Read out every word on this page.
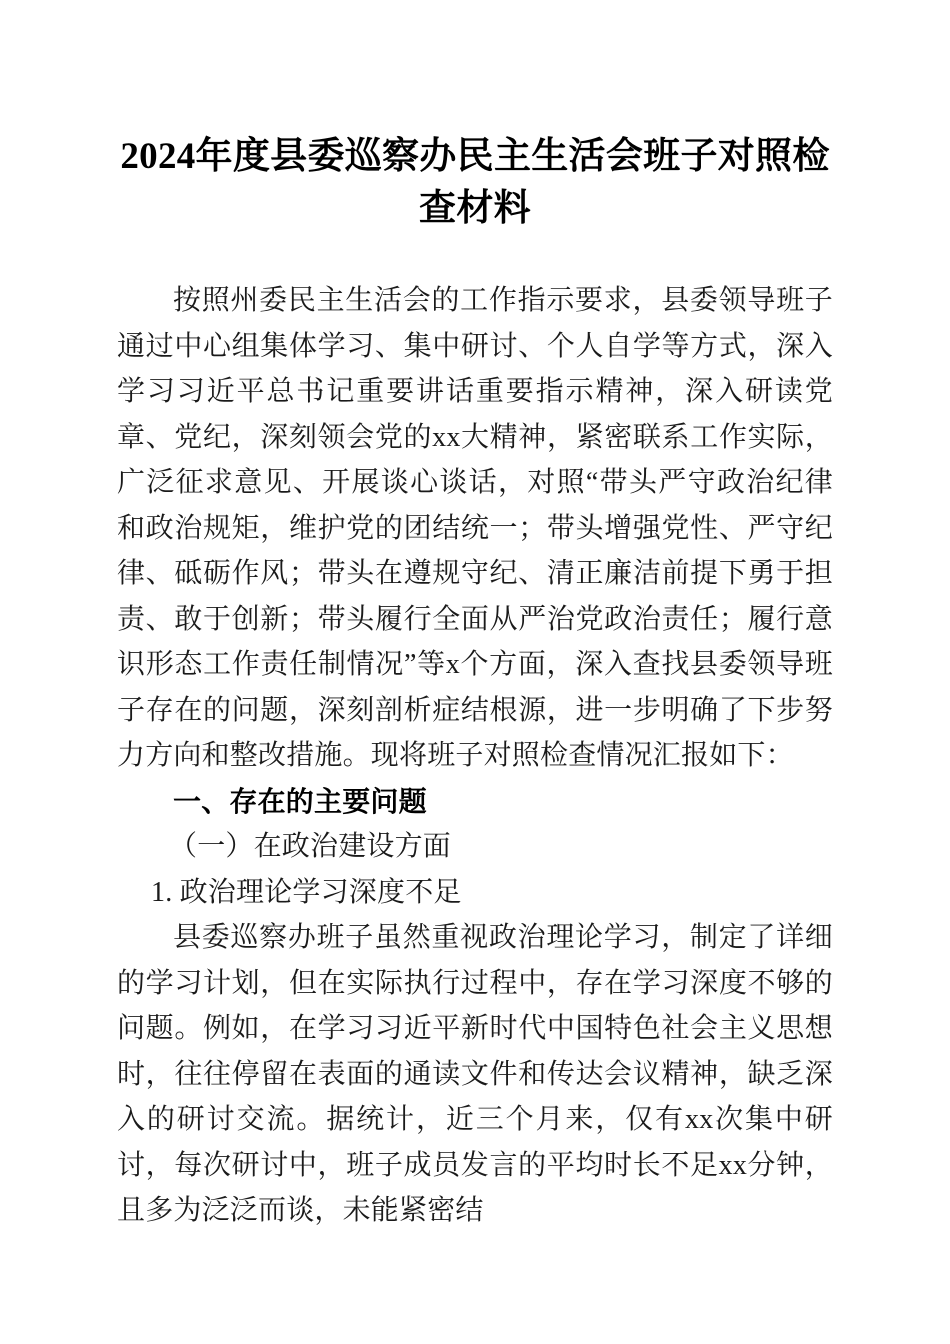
2024年度县委巡察办民主生活会班子对照检查材料

按照州委民主生活会的工作指示要求，县委领导班子通过中心组集体学习、集中研讨、个人自学等方式，深入学习习近平总书记重要讲话重要指示精神，深入研读党章、党纪，深刻领会党的xx大精神，紧密联系工作实际，广泛征求意见、开展谈心谈话，对照“带头严守政治纪律和政治规矩，维护党的团结统一；带头增强党性、严守纪律、砥砺作风；带头在遵规守纪、清正廉洁前提下勇于担责、敢于创新；带头履行全面从严治党政治责任；履行意识形态工作责任制情况”等x个方面，深入查找县委领导班子存在的问题，深刻剖析症结根源，进一步明确了下步努力方向和整改措施。现将班子对照检查情况汇报如下：

一、存在的主要问题

（一）在政治建设方面

1. 政治理论学习深度不足

县委巡察办班子虽然重视政治理论学习，制定了详细的学习计划，但在实际执行过程中，存在学习深度不够的问题。例如，在学习习近平新时代中国特色社会主义思想时，往往停留在表面的通读文件和传达会议精神，缺乏深入的研讨交流。据统计，近三个月来，仅有xx次集中研讨，每次研讨中，班子成员发言的平均时长不足xx分钟，且多为泛泛而谈，未能紧密结
